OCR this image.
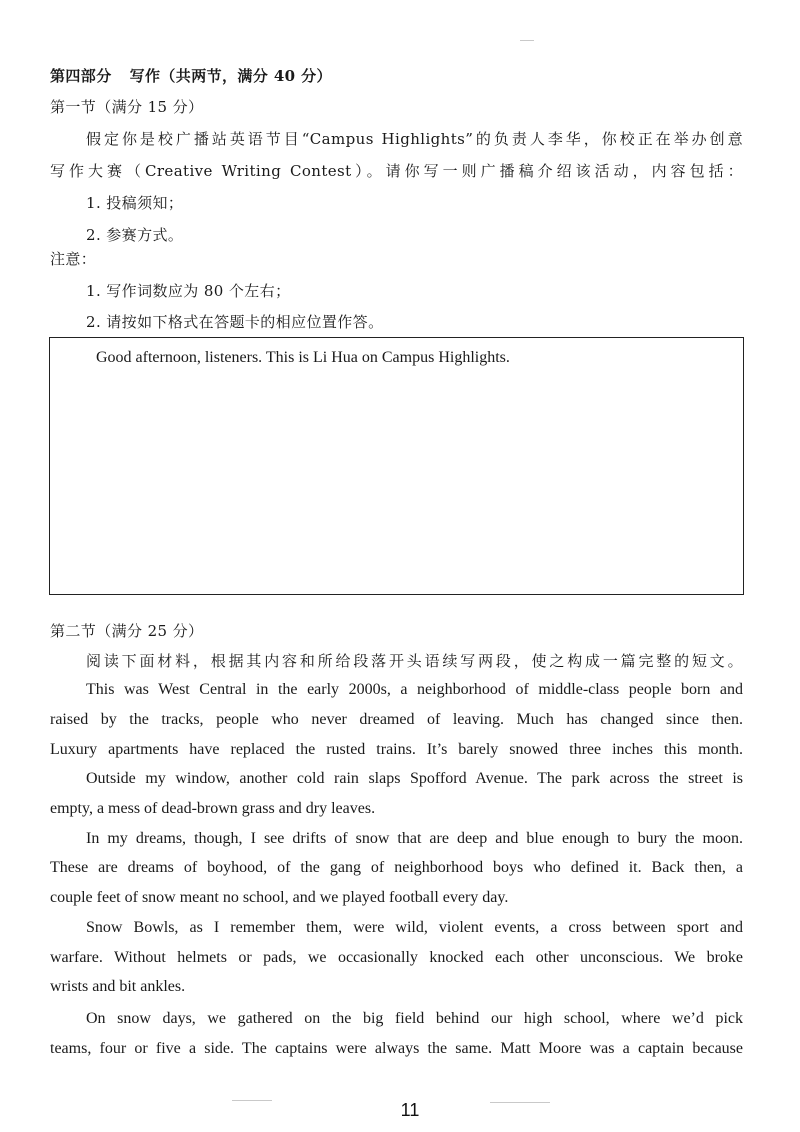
第四部分 写作（共两节，满分 40 分）
第一节（满分 15 分）
假定你是校广播站英语节目“Campus Highlights”的负责人李华，你校正在举办创意
写作大赛（Creative Writing Contest）。请你写一则广播稿介绍该活动，内容包括：
1. 投稿须知；
2. 参赛方式。
注意：
1. 写作词数应为 80 个左右；
2. 请按如下格式在答题卡的相应位置作答。
Good afternoon, listeners. This is Li Hua on Campus Highlights.
第二节（满分 25 分）
阅读下面材料，根据其内容和所给段落开头语续写两段，使之构成一篇完整的短文。
This was West Central in the early 2000s, a neighborhood of middle-class people born and
raised by the tracks, people who never dreamed of leaving. Much has changed since then.
Luxury apartments have replaced the rusted trains. It’s barely snowed three inches this month.
Outside my window, another cold rain slaps Spofford Avenue. The park across the street is
empty, a mess of dead-brown grass and dry leaves.
In my dreams, though, I see drifts of snow that are deep and blue enough to bury the moon.
These are dreams of boyhood, of the gang of neighborhood boys who defined it. Back then, a
couple feet of snow meant no school, and we played football every day.
Snow Bowls, as I remember them, were wild, violent events, a cross between sport and
warfare. Without helmets or pads, we occasionally knocked each other unconscious. We broke
wrists and bit ankles.
On snow days, we gathered on the big field behind our high school, where we’d pick
teams, four or five a side. The captains were always the same. Matt Moore was a captain because
11
